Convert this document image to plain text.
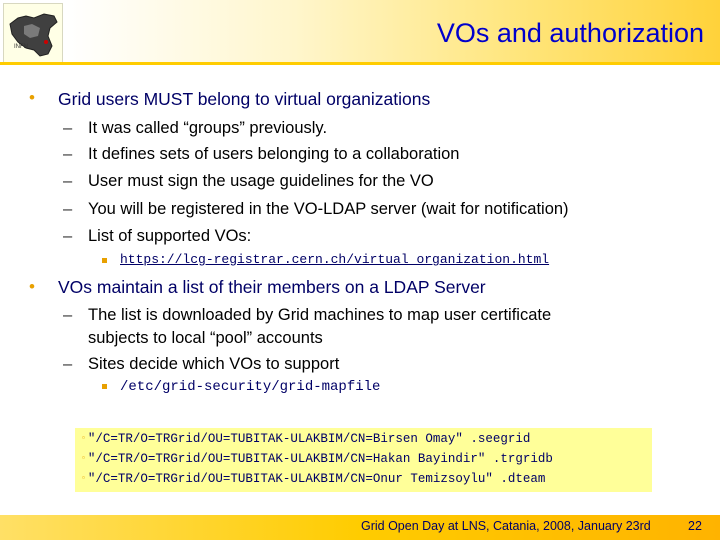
INFN	VOs and authorization
• Grid users MUST belong to virtual organizations
– It was called “groups” previously.
– It defines sets of users belonging to a collaboration
– User must sign the usage guidelines for the VO
– You will be registered in the VO-LDAP server (wait for notification)
– List of supported VOs:
https://lcg-registrar.cern.ch/virtual_organization.html
• VOs maintain a list of their members on a LDAP Server
– The list is downloaded by Grid machines to map user certificate
subjects to local “pool” accounts
– Sites decide which VOs to support
/etc/grid-security/grid-mapfile
▫ "/C=TR/O=TRGrid/OU=TUBITAK-ULAKBIM/CN=Birsen Omay" .seegrid
▫ "/C=TR/O=TRGrid/OU=TUBITAK-ULAKBIM/CN=Hakan Bayindir" .trgridb
▫ "/C=TR/O=TRGrid/OU=TUBITAK-ULAKBIM/CN=Onur Temizsoylu" .dteam
Grid Open Day at LNS, Catania, 2008, January 23rd	22
